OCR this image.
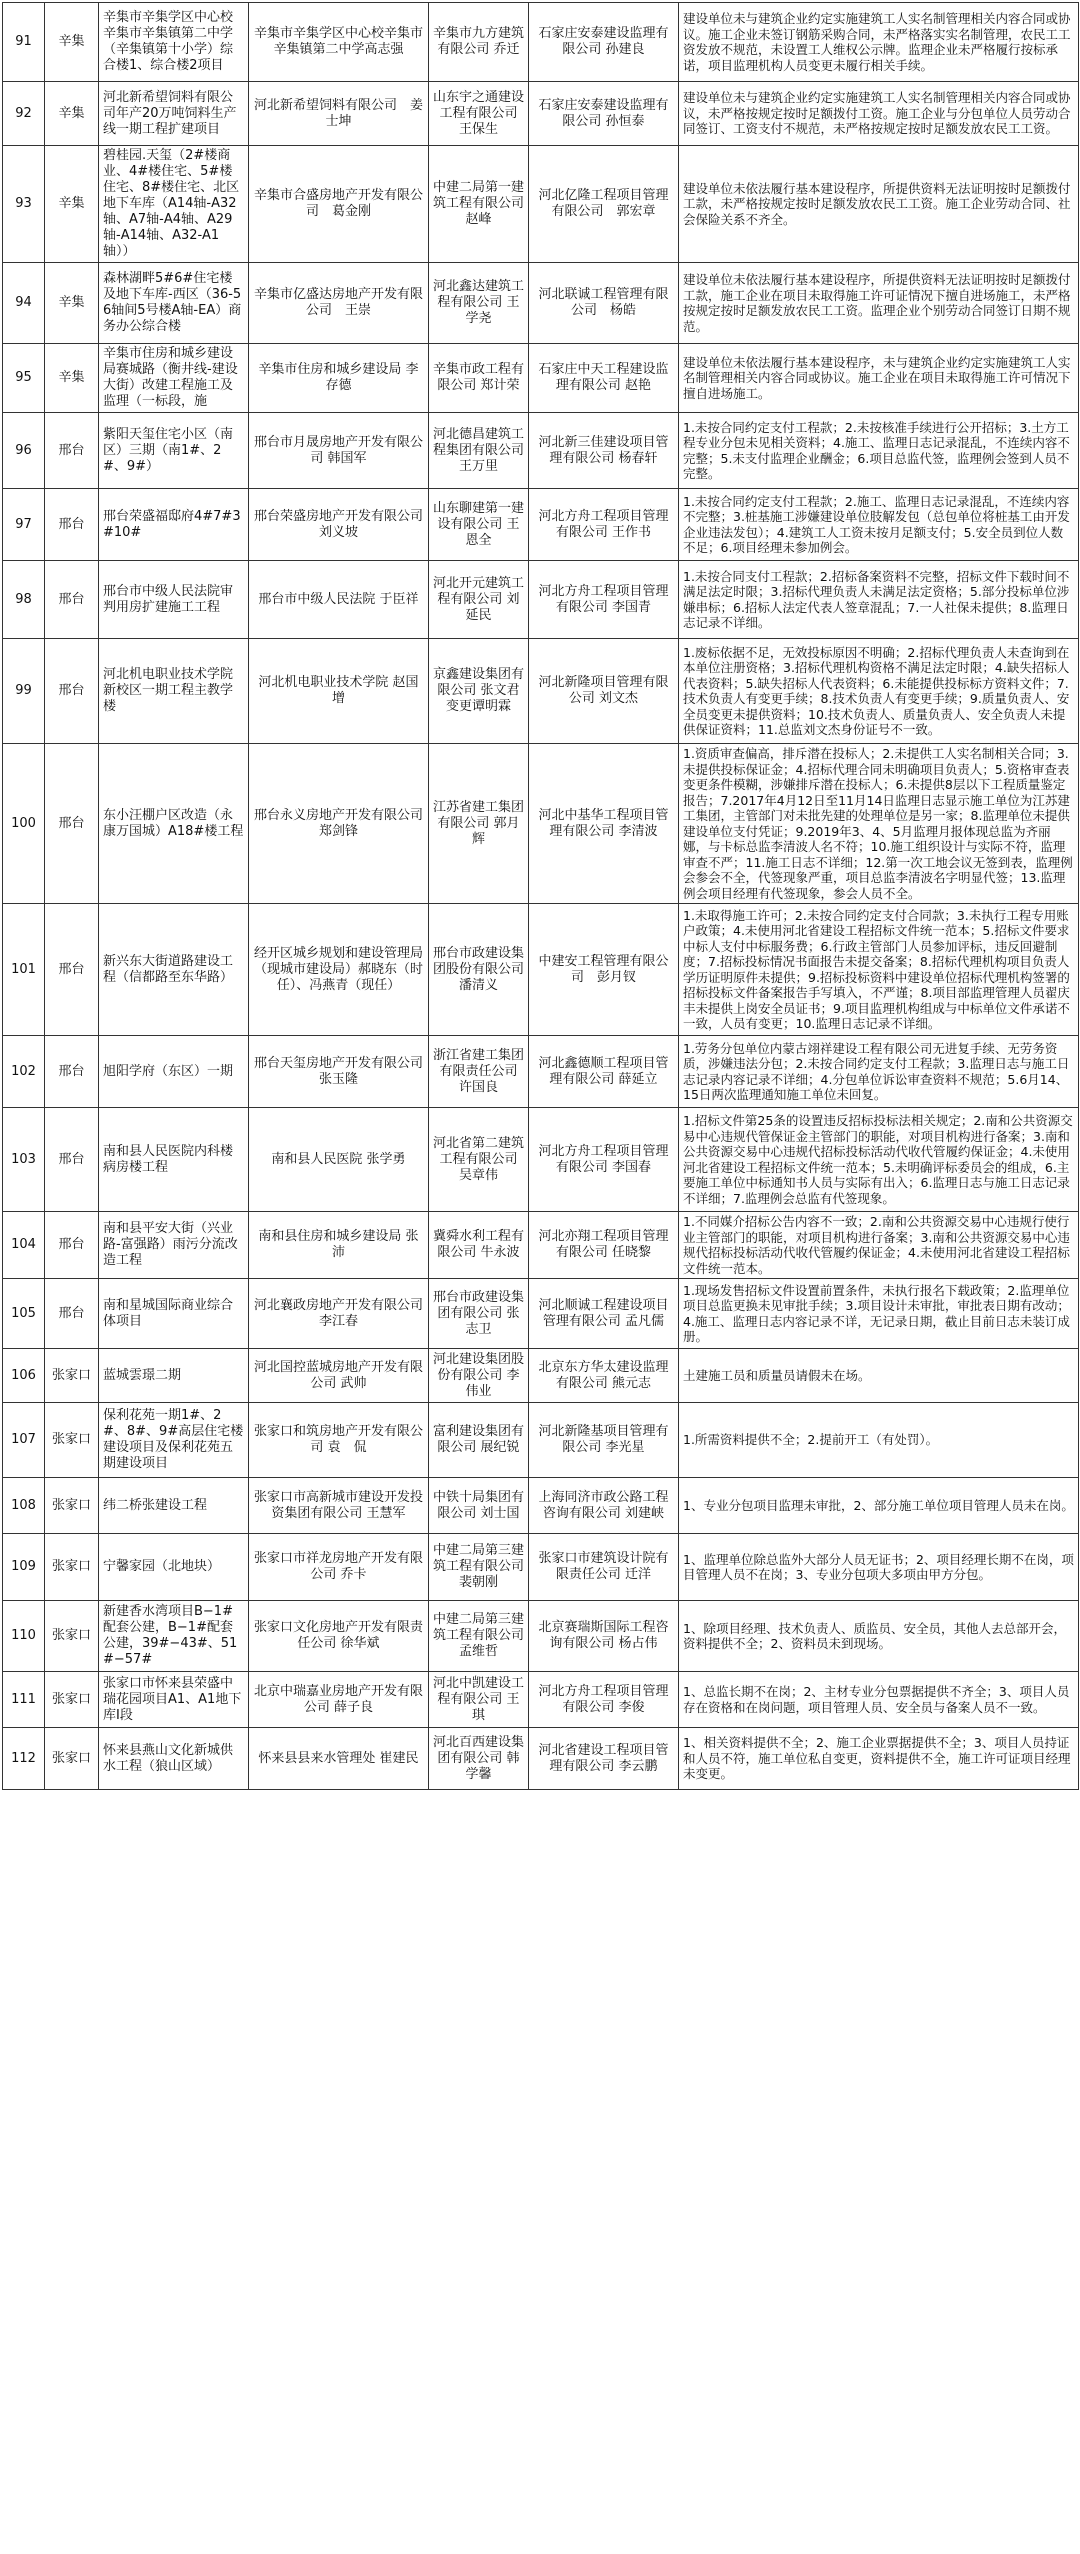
91	辛集	辛集市辛集学区中心校辛集市辛集镇第二中学（辛集镇第十小学）综合楼1、综合楼2项目	辛集市辛集学区中心校辛集市辛集镇第二中学高志强	辛集市九方建筑有限公司 乔迁	石家庄安泰建设监理有限公司 孙建良	建设单位未与建筑企业约定实施建筑工人实名制管理相关内容合同或协议。施工企业未签订钢筋采购合同，未严格落实实名制管理，农民工工资发放不规范，未设置工人维权公示牌。监理企业未严格履行按标承诺，项目监理机构人员变更未履行相关手续。
92	辛集	河北新希望饲料有限公司年产20万吨饲料生产线一期工程扩建项目	河北新希望饲料有限公司　姜士坤	山东宇之通建设工程有限公司 王保生	石家庄安泰建设监理有限公司 孙恒泰	建设单位未与建筑企业约定实施建筑工人实名制管理相关内容合同或协议，未严格按规定按时足额拨付工资。施工企业与分包单位人员劳动合同签订、工资支付不规范，未严格按规定按时足额发放农民工工资。
93	辛集	碧桂园.天玺（2#楼商业、4#楼住宅、5#楼住宅、8#楼住宅、北区地下车库（A14轴-A32轴、A7轴-A4轴、A29轴-A14轴、A32-A1轴））	辛集市合盛房地产开发有限公司　葛金刚	中建二局第一建筑工程有限公司　赵峰	河北亿隆工程项目管理有限公司　郭宏章	建设单位未依法履行基本建设程序，所提供资料无法证明按时足额拨付工款，未严格按规定按时足额发放农民工工资。施工企业劳动合同、社会保险关系不齐全。
94	辛集	森林湖畔5#6#住宅楼及地下车库-西区（36-56轴间5号楼A轴-EA）商务办公综合楼	辛集市亿盛达房地产开发有限公司　王崇	河北鑫达建筑工程有限公司 王学尧	河北联诚工程管理有限公司　杨皓	建设单位未依法履行基本建设程序，所提供资料无法证明按时足额拨付工款，施工企业在项目未取得施工许可证情况下擅自进场施工，未严格按规定按时足额发放农民工工资。监理企业个别劳动合同签订日期不规范。
95	辛集	辛集市住房和城乡建设局赛城路（衡井线-建设大街）改建工程施工及监理（一标段，施	辛集市住房和城乡建设局 李存德	辛集市政工程有限公司 郑计荣	石家庄中天工程建设监理有限公司 赵艳	建设单位未依法履行基本建设程序，未与建筑企业约定实施建筑工人实名制管理相关内容合同或协议。施工企业在项目未取得施工许可情况下擅自进场施工。
96	邢台	紫阳天玺住宅小区（南区）三期（南1#、2#、9#）	邢台市月晟房地产开发有限公司 韩国军	河北德昌建筑工程集团有限公司 王万里	河北新三佳建设项目管理有限公司 杨春轩	1.未按合同约定支付工程款；2.未按核准手续进行公开招标；3.土方工程专业分包未见相关资料；4.施工、监理日志记录混乱，不连续内容不完整；5.未支付监理企业酬金；6.项目总监代签，监理例会签到人员不完整。
97	邢台	邢台荣盛福邸府4#7#3#10#	邢台荣盛房地产开发有限公司 刘义坡	山东聊建第一建设有限公司 王恩全	河北方舟工程项目管理有限公司 王作书	1.未按合同约定支付工程款；2.施工、监理日志记录混乱，不连续内容不完整；3.桩基施工涉嫌建设单位肢解发包（总包单位将桩基工由开发企业违法发包）；4.建筑工人工资未按月足额支付；5.安全员到位人数不足；6.项目经理未参加例会。
98	邢台	邢台市中级人民法院审判用房扩建施工工程	邢台市中级人民法院 于臣祥	河北开元建筑工程有限公司 刘延民	河北方舟工程项目管理有限公司 李国青	1.未按合同支付工程款；2.招标备案资料不完整，招标文件下载时间不满足法定时限；3.招标代理负责人未满足法定资格；5.部分投标单位涉嫌串标；6.招标人法定代表人签章混乱；7.一人社保未提供；8.监理日志记录不详细。
99	邢台	河北机电职业技术学院新校区一期工程主教学楼	河北机电职业技术学院 赵国增	京鑫建设集团有限公司 张文君变更谭明霖	河北新隆项目管理有限公司 刘文杰	1.废标依据不足，无效投标原因不明确；2.招标代理负责人未查询到在本单位注册资格；3.招标代理机构资格不满足法定时限；4.缺失招标人代表资料；5.缺失招标人代表资料；6.未能提供投标标方资料文件；7.技术负责人有变更手续；8.技术负责人有变更手续；9.质量负责人、安全员变更未提供资料；10.技术负责人、质量负责人、安全负责人未提供保证资料；11.总监刘文杰身份证号不一致。
100	邢台	东小汪棚户区改造（永康万国城）A18#楼工程	邢台永义房地产开发有限公司 郑剑锋	江苏省建工集团有限公司 郭月辉	河北中基华工程项目管理有限公司 李清波	1.资质审查偏高，排斥潜在投标人；2.未提供工人实名制相关合同；3.未提供投标保证金；4.招标代理合同未明确项目负责人；5.资格审查表变更条件模糊，涉嫌排斥潜在投标人；6.未提供8层以下工程质量鉴定报告；7.2017年4月12日至11月14日监理日志显示施工单位为江苏建工集团，主管部门对未批先建的处理单位是另一家；8.监理单位未提供建设单位支付凭证；9.2019年3、4、5月监理月报体现总监为齐丽娜，与卡标总监李清波人名不符；10.施工组织设计与实际不符，监理审查不严；11.施工日志不详细；12.第一次工地会议无签到表，监理例会参会不全，代签现象严重，项目总监李清波名字明显代签；13.监理例会项目经理有代签现象，参会人员不全。
101	邢台	新兴东大街道路建设工程（信都路至东华路）	经开区城乡规划和建设管理局（现城市建设局）郝晓东（时任）、冯燕青（现任）	邢台市政建设集团股份有限公司 潘清义	中建安工程管理有限公司　彭月钗	1.未取得施工许可；2.未按合同约定支付合同款；3.未执行工程专用账户政策；4.未使用河北省建设工程招标文件统一范本；5.招标文件要求中标人支付中标服务费；6.行政主管部门人员参加评标，违反回避制度；7.招标投标情况书面报告未提交备案；8.招标代理机构项目负责人学历证明原件未提供；9.招标投标资料中建设单位招标代理机构签署的招标投标文件备案报告手写填入，不严谨；8.项目部监理管理人员翟庆丰未提供上岗安全员证书；9.项目监理机构组成与中标单位文件承诺不一致，人员有变更；10.监理日志记录不详细。
102	邢台	旭阳学府（东区）一期	邢台天玺房地产开发有限公司 张玉隆	浙江省建工集团有限责任公司 许国良	河北鑫德顺工程项目管理有限公司 薛延立	1.劳务分包单位内蒙古翊祥建设工程有限公司无进复手续、无劳务资质，涉嫌违法分包；2.未按合同约定支付工程款；3.监理日志与施工日志记录内容记录不详细；4.分包单位诉讼审查资料不规范；5.6月14、15日两次监理通知施工单位未回复。
103	邢台	南和县人民医院内科楼病房楼工程	南和县人民医院 张学勇	河北省第二建筑工程有限公司 吴章伟	河北方舟工程项目管理有限公司 李国春	1.招标文件第25条的设置违反招标投标法相关规定；2.南和公共资源交易中心违规代管保证金主管部门的职能，对项目机构进行备案；3.南和公共资源交易中心违规代招标投标活动代收代管履约保证金；4.未使用河北省建设工程招标文件统一范本；5.未明确评标委员会的组成，6.主要施工单位中标通知书人员与实际有出入；6.监理日志与施工日志记录不详细；7.监理例会总监有代签现象。
104	邢台	南和县平安大街（兴业路-富强路）雨污分流改造工程	南和县住房和城乡建设局 张沛	冀舜水利工程有限公司 牛永波	河北亦翔工程项目管理有限公司 任晓黎	1.不同媒介招标公告内容不一致；2.南和公共资源交易中心违规行使行业主管部门的职能，对项目机构进行备案；3.南和公共资源交易中心违规代招标投标活动代收代管履约保证金；4.未使用河北省建设工程招标文件统一范本。
105	邢台	南和星城国际商业综合体项目	河北襄政房地产开发有限公司 李江春	邢台市政建设集团有限公司 张志卫	河北顺诚工程建设项目管理有限公司 孟凡儒	1.现场发售招标文件设置前置条件，未执行报名下载政策；2.监理单位项目总监更换未见审批手续；3.项目设计未审批，审批表日期有改动；4.施工、监理日志内容记录不详，无记录日期，截止目前日志未装订成册。
106	张家口	蓝城雲璟二期	河北国控蓝城房地产开发有限公司 武帅	河北建设集团股份有限公司 李伟业	北京东方华太建设监理有限公司 熊元志	土建施工员和质量员请假未在场。
107	张家口	保利花苑一期1#、2#、8#、9#高层住宅楼建设项目及保利花苑五期建设项目	张家口和筑房地产开发有限公司 袁　侃	富利建设集团有限公司 展纪锐	河北新隆基项目管理有限公司 李光星	1.所需资料提供不全；2.提前开工（有处罚）。
108	张家口	纬二桥张建设工程	张家口市高新城市建设开发投资集团有限公司 王慧军	中铁十局集团有限公司 刘士国	上海同济市政公路工程咨询有限公司 刘建峡	1、专业分包项目监理未审批，2、部分施工单位项目管理人员未在岗。
109	张家口	宁馨家园（北地块）	张家口市祥龙房地产开发有限公司 乔卡	中建二局第三建筑工程有限公司 裴朝刚	张家口市建筑设计院有限责任公司 迁洋	1、监理单位除总监外大部分人员无证书；2、项目经理长期不在岗，项目管理人员不在岗；3、专业分包项大多项由甲方分包。
110	张家口	新建香水湾项目B−1#配套公建，B−1#配套公建，39#−43#、51#−57#	张家口文化房地产开发有限责任公司 徐华斌	中建二局第三建筑工程有限公司 孟维哲	北京赛瑞斯国际工程咨询有限公司 杨占伟	1、除项目经理、技术负责人、质监员、安全员，其他人去总部开会，资料提供不全；2、资料员未到现场。
111	张家口	张家口市怀来县荣盛中瑞花园项目A1、A1地下库Ⅰ段	北京中瑞嘉业房地产开发有限公司 薛子良	河北中凯建设工程有限公司 王琪	河北方舟工程项目管理有限公司 李俊	1、总监长期不在岗；2、主材专业分包票据提供不齐全；3、项目人员存在资格和在岗问题，项目管理人员、安全员与备案人员不一致。
112	张家口	怀来县燕山文化新城供水工程（狼山区域）	怀来县县来水管理处 崔建民	河北百西建设集团有限公司 韩学馨	河北省建设工程项目管理有限公司 李云鹏	1、相关资料提供不全；2、施工企业票据提供不全；3、项目人员持证和人员不符，施工单位私自变更，资料提供不全，施工许可证项目经理未变更。
